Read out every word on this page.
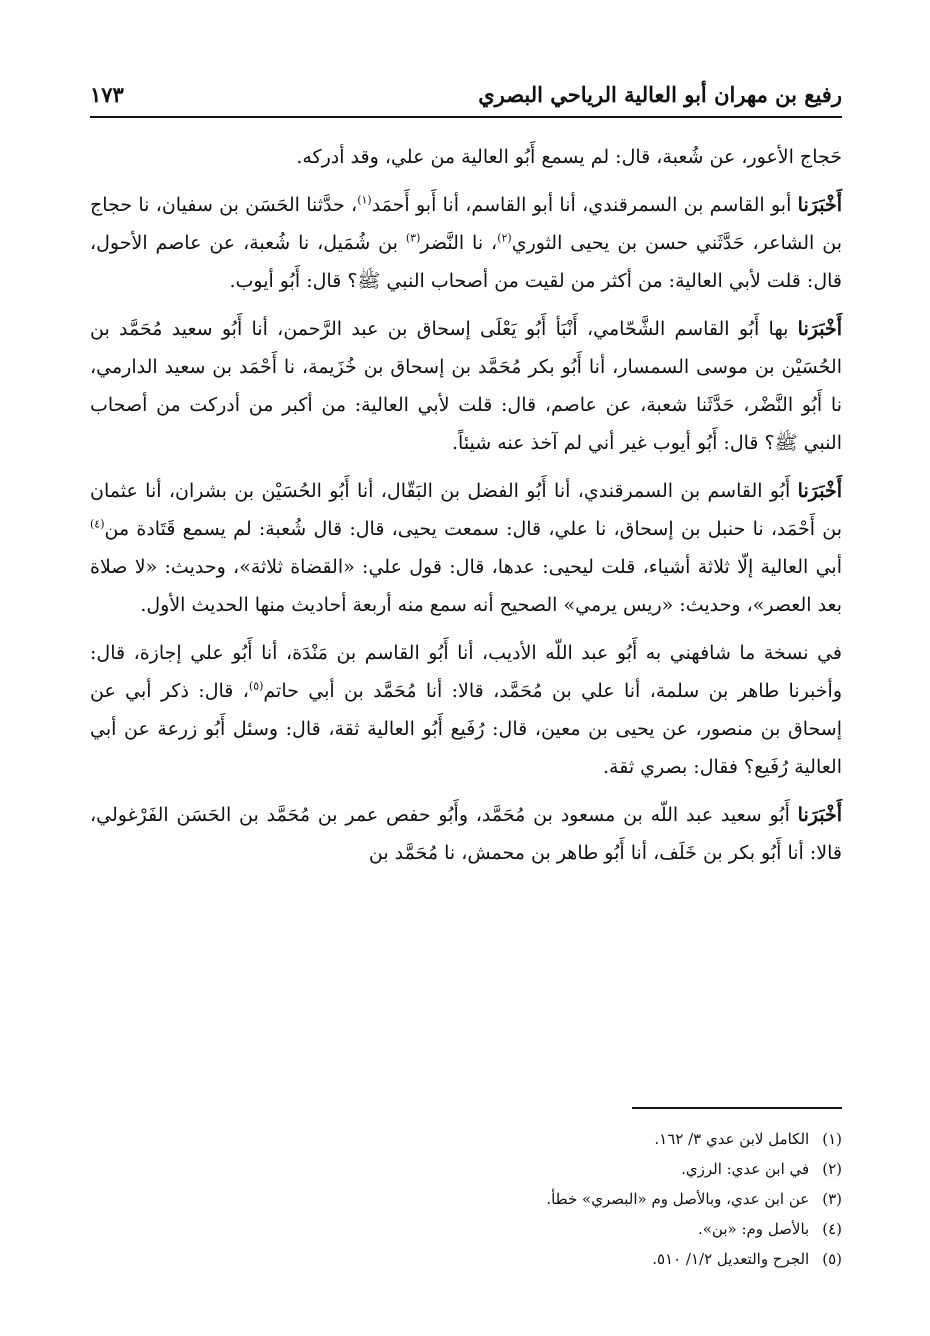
رفيع بن مهران أبو العالية الرياحي البصري
١٧٣

حَجاج الأعور، عن شُعبة، قال: لم يسمع أَبُو العالية من علي، وقد أدركه.

أَخْبَرَنا أبو القاسم بن السمرقندي، أنا أبو القاسم، أنا أَبو أَحمَد$^{(١)}$، حدَّثنا الحَسَن بن سفيان، نا حجاج بن الشاعر، حَدَّثَني حسن بن يحيى الثوري$^{(٢)}$، نا النَّضر$^{(٣)}$ بن شُمَيل، نا شُعبة، عن عاصم الأحول، قال: قلت لأبي العالية: من أكثر من لقيت من أصحاب النبي ﷺ؟ قال: أَبُو أيوب.

أَخْبَرَنا بها أَبُو القاسم الشَّحّامي، أَنْبَأ أَبُو يَعْلَى إسحاق بن عبد الرَّحمن، أنا أَبُو سعيد مُحَمَّد بن الحُسَيْن بن موسى السمسار، أنا أَبُو بكر مُحَمَّد بن إسحاق بن خُزَيمة، نا أَحْمَد بن سعيد الدارمي، نا أَبُو النَّضْر، حَدَّثَنا شعبة، عن عاصم، قال: قلت لأبي العالية: من أكبر من أدركت من أصحاب النبي ﷺ؟ قال: أَبُو أيوب غير أني لم آخذ عنه شيئاً.

أَخْبَرَنا أَبُو القاسم بن السمرقندي، أنا أَبُو الفضل بن البَقّال، أنا أَبُو الحُسَيْن بن بشران، أنا عثمان بن أَحْمَد، نا حنبل بن إسحاق، نا علي، قال: سمعت يحيى، قال: قال شُعبة: لم يسمع قَتَادة من$^{(٤)}$ أبي العالية إلّا ثلاثة أشياء، قلت ليحيى: عدها، قال: قول علي: «القضاة ثلاثة»، وحديث: «لا صلاة بعد العصر»، وحديث: «ريس يرمي» الصحيح أنه سمع منه أربعة أحاديث منها الحديث الأول.

في نسخة ما شافهني به أَبُو عبد اللّه الأديب، أنا أَبُو القاسم بن مَنْدَة، أنا أَبُو علي إجازة، قال: وأخبرنا طاهر بن سلمة، أنا علي بن مُحَمَّد، قالا: أنا مُحَمَّد بن أبي حاتم$^{(٥)}$، قال: ذكر أبي عن إسحاق بن منصور، عن يحيى بن معين، قال: رُفَيع أَبُو العالية ثقة، قال: وسئل أَبُو زرعة عن أبي العالية رُفَيع؟ فقال: بصري ثقة.

أَخْبَرَنا أَبُو سعيد عبد اللّه بن مسعود بن مُحَمَّد، وأَبُو حفص عمر بن مُحَمَّد بن الحَسَن الفَرْغولي، قالا: أنا أَبُو بكر بن خَلَف، أنا أَبُو طاهر بن محمش، نا مُحَمَّد بن

(١) الكامل لابن عدي ٣/ ١٦٢.

(٢) في ابن عدي: الرزي.

(٣) عن ابن عدي، وبالأصل وم «البصري» خطأ.

(٤) بالأصل وم: «بن».

(٥) الجرح والتعديل ١/٢/ ٥١٠.
